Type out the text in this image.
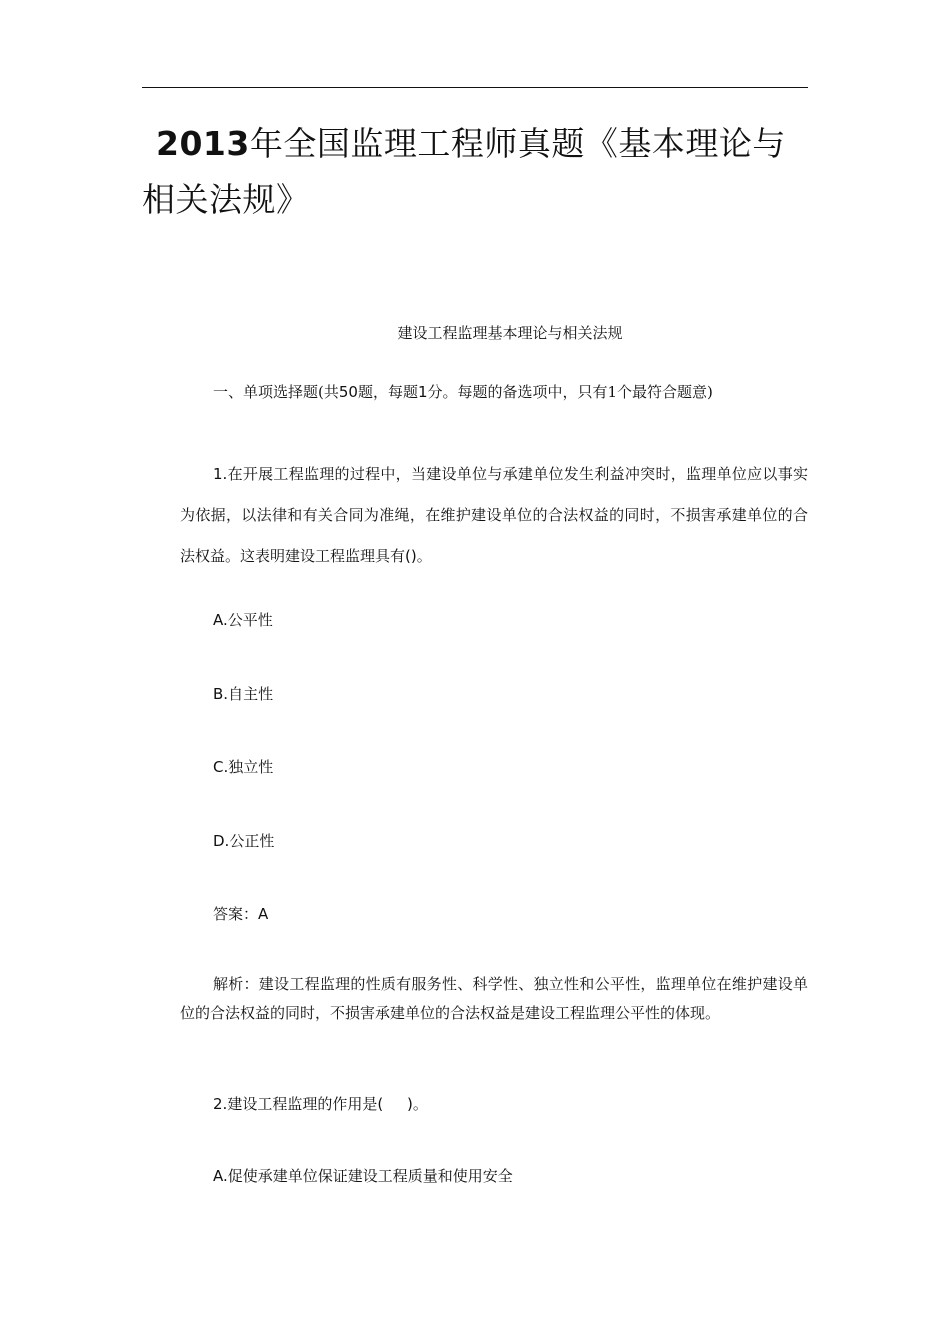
2013年全国监理工程师真题《基本理论与相关法规》
建设工程监理基本理论与相关法规

一、单项选择题(共50题，每题1分。每题的备选项中，只有1个最符合题意)

1.在开展工程监理的过程中，当建设单位与承建单位发生利益冲突时，监理单位应以事实为依据，以法律和有关合同为准绳，在维护建设单位的合法权益的同时，不损害承建单位的合法权益。这表明建设工程监理具有()。

A.公平性

B.自主性

C.独立性

D.公正性

答案：A

解析：建设工程监理的性质有服务性、科学性、独立性和公平性，监理单位在维护建设单位的合法权益的同时，不损害承建单位的合法权益是建设工程监理公平性的体现。

2.建设工程监理的作用是(     )。

A.促使承建单位保证建设工程质量和使用安全
